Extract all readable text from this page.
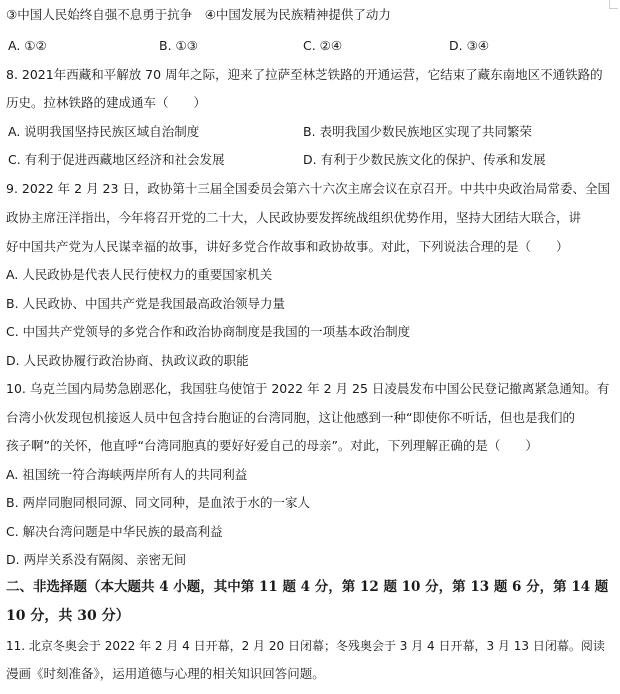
③中国人民始终自强不息勇于抗争　④中国发展为民族精神提供了动力
A. ①②	B. ①③	C. ②④	D. ③④
8. 2021年西藏和平解放 70 周年之际，迎来了拉萨至林芝铁路的开通运营，它结束了藏东南地区不通铁路的
历史。拉林铁路的建成通车（　　）
A. 说明我国坚持民族区域自治制度	B. 表明我国少数民族地区实现了共同繁荣
C. 有利于促进西藏地区经济和社会发展	D. 有利于少数民族文化的保护、传承和发展
9. 2022 年 2 月 23 日，政协第十三届全国委员会第六十六次主席会议在京召开。中共中央政治局常委、全国
政协主席汪洋指出，今年将召开党的二十大，人民政协要发挥统战组织优势作用，坚持大团结大联合，讲
好中国共产党为人民谋幸福的故事，讲好多党合作故事和政协故事。对此，下列说法合理的是（　　）
A. 人民政协是代表人民行使权力的重要国家机关
B. 人民政协、中国共产党是我国最高政治领导力量
C. 中国共产党领导的多党合作和政治协商制度是我国的一项基本政治制度
D. 人民政协履行政治协商、执政议政的职能
10. 乌克兰国内局势急剧恶化，我国驻乌使馆于 2022 年 2 月 25 日凌晨发布中国公民登记撤离紧急通知。有
台湾小伙发现包机接返人员中包含持台胞证的台湾同胞，这让他感到一种“即使你不听话，但也是我们的
孩子啊”的关怀，他直呼“台湾同胞真的要好好爱自己的母亲”。对此，下列理解正确的是（　　）
A. 祖国统一符合海峡两岸所有人的共同利益
B. 两岸同胞同根同源、同文同种，是血浓于水的一家人
C. 解决台湾问题是中华民族的最高利益
D. 两岸关系没有隔阂、亲密无间
二、非选择题（本大题共 4 小题，其中第 11 题 4 分，第 12 题 10 分，第 13 题 6 分，第 14 题
10 分，共 30 分）
11. 北京冬奥会于 2022 年 2 月 4 日开幕，2 月 20 日闭幕；冬残奥会于 3 月 4 日开幕，3 月 13 日闭幕。阅读
漫画《时刻准备》，运用道德与心理的相关知识回答问题。
